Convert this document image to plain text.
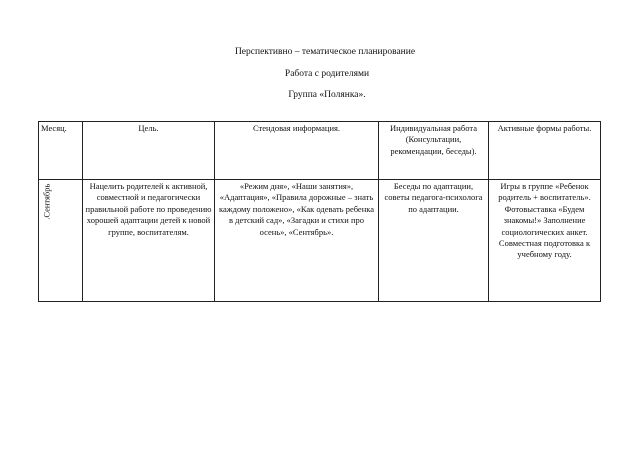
Перспективно – тематическое планирование
Работа с родителями
Группа «Полянка».
Месяц.	Цель.	Стендовая информация.	Индивидуальная работа (Консультации, рекомендации, беседы).	Активные формы работы.

.Сентябрь	Нацелить родителей к активной, совместной и педагогически правильной работе по проведению хорошей адаптации детей к новой группе, воспитателям.	«Режим дня», «Наши занятия», «Адаптация», «Правила дорожные – знать каждому положено», «Как одевать ребенка в детский сад», «Загадки и стихи про осень», «Сентябрь».	Беседы по адаптации, советы педагога-психолога по адаптации.	Игры в группе «Ребенок родитель + воспитатель». Фотовыставка «Будем знакомы!» Заполнение социологических анкет. Совместная подготовка к учебному году.
